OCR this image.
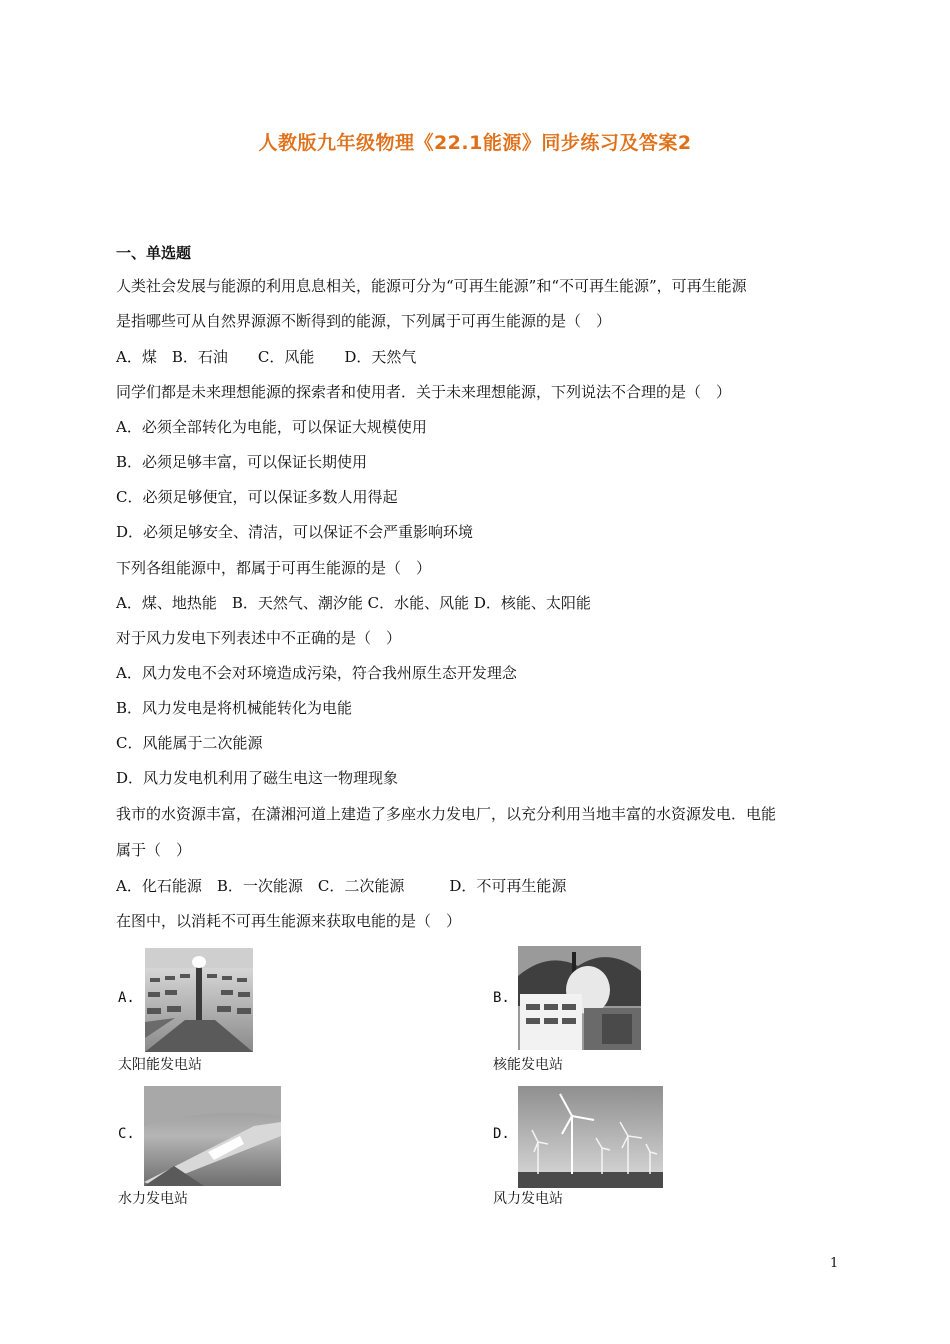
人教版九年级物理《22.1能源》同步练习及答案2
一、单选题
人类社会发展与能源的利用息息相关，能源可分为“可再生能源”和“不可再生能源”，可再生能源
是指哪些可从自然界源源不断得到的能源，下列属于可再生能源的是（　）
A．煤　B．石油　　C．风能　　D．天然气
同学们都是未来理想能源的探索者和使用者．关于未来理想能源，下列说法不合理的是（　）
A．必须全部转化为电能，可以保证大规模使用
B．必须足够丰富，可以保证长期使用
C．必须足够便宜，可以保证多数人用得起
D．必须足够安全、清洁，可以保证不会严重影响环境
下列各组能源中，都属于可再生能源的是（　）
A．煤、地热能　B．天然气、潮汐能 C．水能、风能 D．核能、太阳能
对于风力发电下列表述中不正确的是（　）
A．风力发电不会对环境造成污染，符合我州原生态开发理念
B．风力发电是将机械能转化为电能
C．风能属于二次能源
D．风力发电机利用了磁生电这一物理现象
我市的水资源丰富，在潇湘河道上建造了多座水力发电厂，以充分利用当地丰富的水资源发电．电能
属于（　）
A．化石能源　B．一次能源　C．二次能源　　　D．不可再生能源
在图中，以消耗不可再生能源来获取电能的是（　）
A.
太阳能发电站
B.
核能发电站
C.
水力发电站
D.
风力发电站
1
